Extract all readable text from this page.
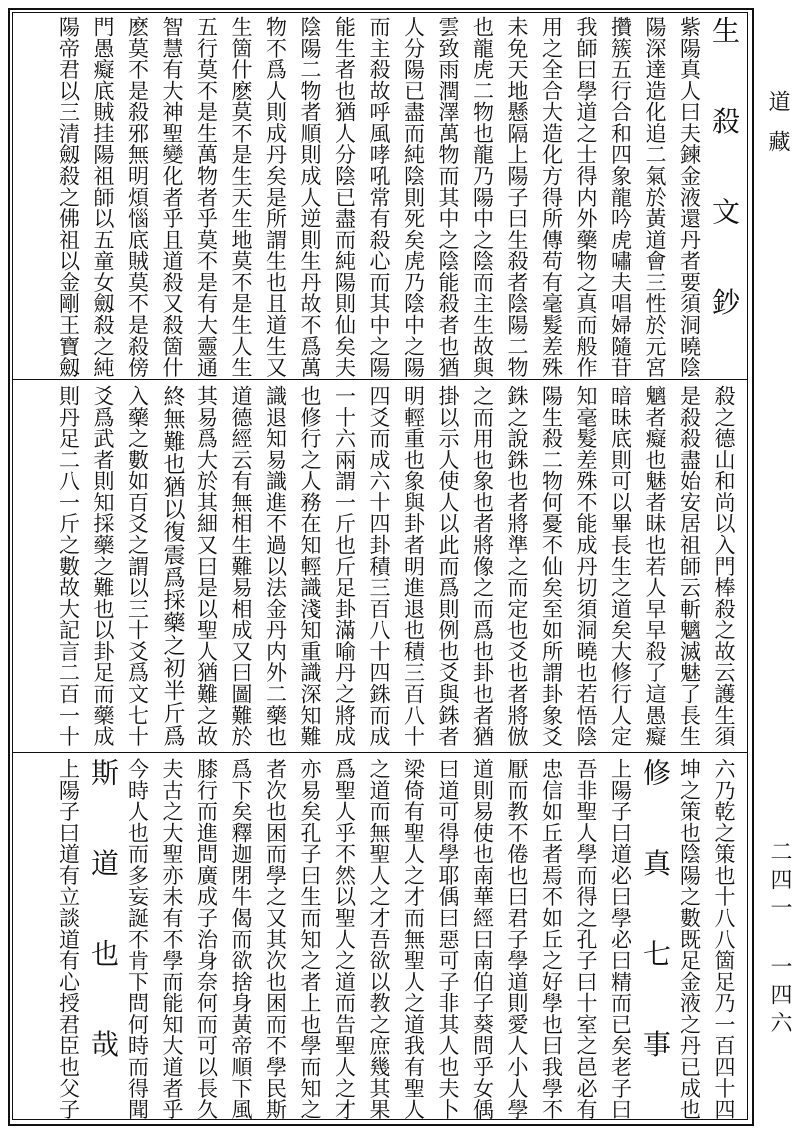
生殺文鈔
紫陽真人曰夫鍊金液還丹者要須洞曉陰
陽深達造化追二氣於黃道會三性於元宮
攢簇五行合和四象龍吟虎嘯夫唱婦隨苷
我師曰學道之士得内外藥物之真而般作
用之全合大造化方得所傳苟有毫髮差殊
未免天地懸隔上陽子曰生殺者陰陽二物
也龍虎二物也龍乃陽中之陰而主生故與
雲致雨潤澤萬物而其中之陰能殺者也猶
人分陽已盡而純陰則死矣虎乃陰中之陽
而主殺故呼風哮吼常有殺心而其中之陽
能生者也猶人分陰已盡而純陽則仙矣夫
陰陽二物者順則成人逆則生丹故不爲萬
物不爲人則成丹矣是所謂生也且道生又
生箇什麽莫不是生天生地莫不是生人生
五行莫不是生萬物者乎莫不是有大靈通
智慧有大神聖變化者乎且道殺又殺箇什
麽莫不是殺邪無明煩惱底賊莫不是殺傍
門愚癡底賊挂陽祖師以五童女劔殺之純
陽帝君以三清劔殺之佛祖以金剛王寶劔
殺之德山和尚以入門棒殺之故云護生須
是殺殺盡始安居祖師云斬魑滅魅了長生
魑者癡也魅者昧也若人早早殺了這愚癡
暗昧底則可以畢長生之道矣大修行人定
知毫髮差殊不能成丹切須洞曉也若悟陰
陽生殺二物何憂不仙矣至如所謂卦象爻
銖之說銖也者將準之而定也爻也者將倣
之而用也象也者將像之而爲也卦也者猶
掛以示人使人以此而爲則例也爻與銖者
明輕重也象與卦者明進退也積三百八十
四爻而成六十四卦積三百八十四銖而成
一十六兩謂一斤也斤足卦滿喻丹之將成
也修行之人務在知輕識淺知重識深知難
識退知易識進不過以法金丹内外二藥也
道德經云有無相生難易相成又曰圖難於
其易爲大於其細又曰是以聖人猶難之故
終無難也猶以復震爲採藥之初半斤爲
入藥之數如百爻之謂以三十爻爲文七十
爻爲武者則知採藥之難也以卦足而藥成
則丹足二八一斤之數故大記言二百一十
六乃乾之策也十八八箇足乃一百四十四
坤之策也陰陽之數既足金液之丹已成也
修真七事
上陽子曰道必曰學必曰精而已矣老子曰
吾非聖人學而得之孔子曰十室之邑必有
忠信如丘者焉不如丘之好學也曰我學不
厭而教不倦也曰君子學道則愛人小人學
道則易使也南華經曰南伯子葵問乎女偊
曰道可得學耶偊曰惡可子非其人也夫卜
梁倚有聖人之才而無聖人之道我有聖人
之道而無聖人之才吾欲以教之庶幾其果
爲聖人乎不然以聖人之道而告聖人之才
亦易矣孔子曰生而知之者上也學而知之
者次也困而學之又其次也困而不學民斯
爲下矣釋迦閉牛偈而欲捨身黃帝順下風
膝行而進問廣成子治身奈何而可以長久
夫古之大聖亦未有不學而能知大道者乎
今時人也而多妄誕不肯下問何時而得聞
斯道也哉
上陽子曰道有立談道有心授君臣也父子
道藏
二四一 一四六
